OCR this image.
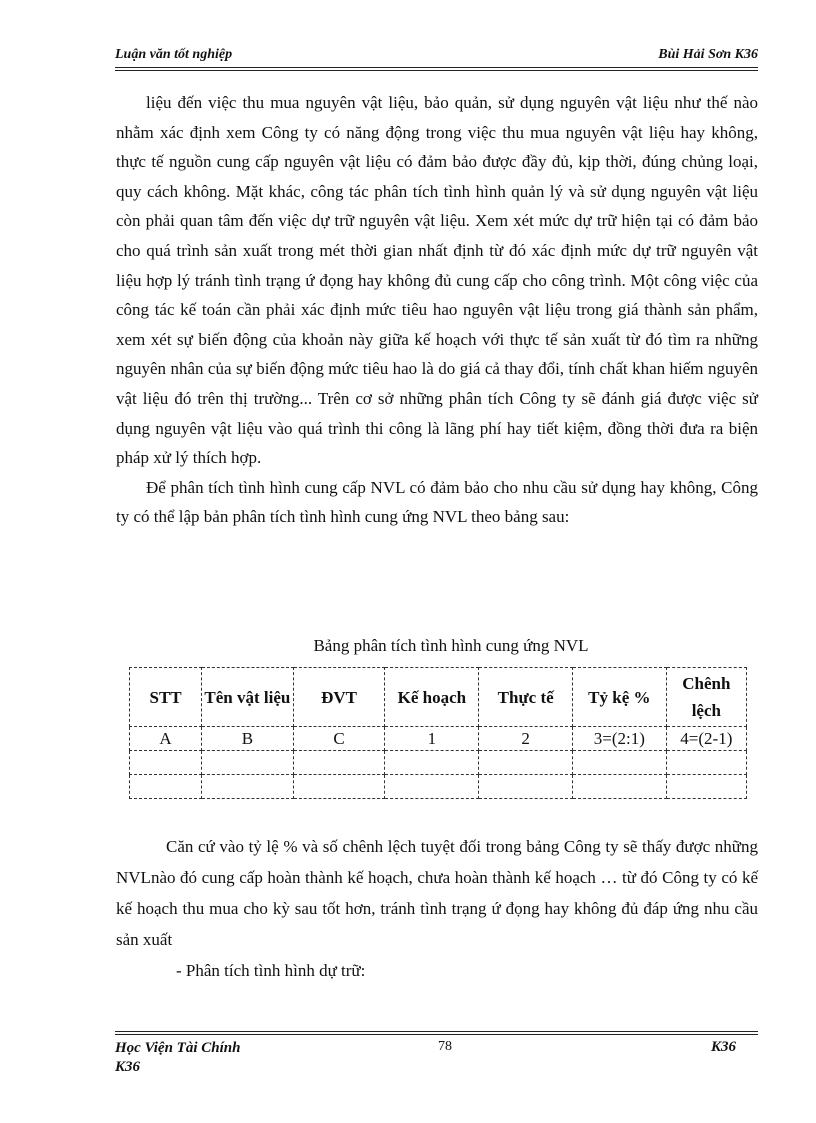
Luận văn tốt nghiệp	Bùi Hải Sơn K36

liệu đến việc thu mua nguyên vật liệu, bảo quản, sử dụng nguyên vật liệu như thế nào nhằm xác định xem Công ty có năng động trong việc thu mua nguyên vật liệu hay không, thực tế nguồn cung cấp nguyên vật liệu có đảm bảo được đầy đủ, kịp thời, đúng chủng loại, quy cách không. Mặt khác, công tác phân tích tình hình quản lý và sử dụng nguyên vật liệu còn phải quan tâm đến việc dự trữ nguyên vật liệu. Xem xét mức dự trữ hiện tại có đảm bảo cho quá trình sản xuất trong mét thời gian nhất định từ đó xác định mức dự trữ nguyên vật liệu hợp lý tránh tình trạng ứ đọng hay không đủ cung cấp cho công trình. Một công việc của công tác kế toán cần phải xác định mức tiêu hao nguyên vật liệu trong giá thành sản phẩm, xem xét sự biến động của khoản này giữa kế hoạch với thực tế sản xuất từ đó tìm ra những nguyên nhân của sự biến động mức tiêu hao là do giá cả thay đổi, tính chất khan hiếm nguyên vật liệu đó trên thị trường... Trên cơ sở những phân tích Công ty sẽ đánh giá được việc sử dụng nguyên vật liệu vào quá trình thi công là lãng phí hay tiết kiệm, đồng thời đưa ra biện pháp xử lý thích hợp.

Để phân tích tình hình cung cấp NVL có đảm bảo cho nhu cầu sử dụng hay không, Công ty có thể lập bản phân tích tình hình cung ứng NVL theo bảng sau:

Bảng phân tích tình hình cung ứng NVL
STT	Tên vật liệu	ĐVT	Kế hoạch	Thực tế	Tỷ kệ %	Chênh lệch
A	B	C	1	2	3=(2:1)	4=(2-1)

Căn cứ vào tỷ lệ % và số chênh lệch tuyệt đối trong bảng Công ty sẽ thấy được những NVLnào đó cung cấp hoàn thành kế hoạch, chưa hoàn thành kế hoạch … từ đó Công ty có kế kế hoạch thu mua cho kỳ sau tốt hơn, tránh tình trạng ứ đọng hay không đủ đáp ứng nhu cầu sản xuất

- Phân tích tình hình dự trữ:

Học Viện Tài Chính
K36
78	K36
